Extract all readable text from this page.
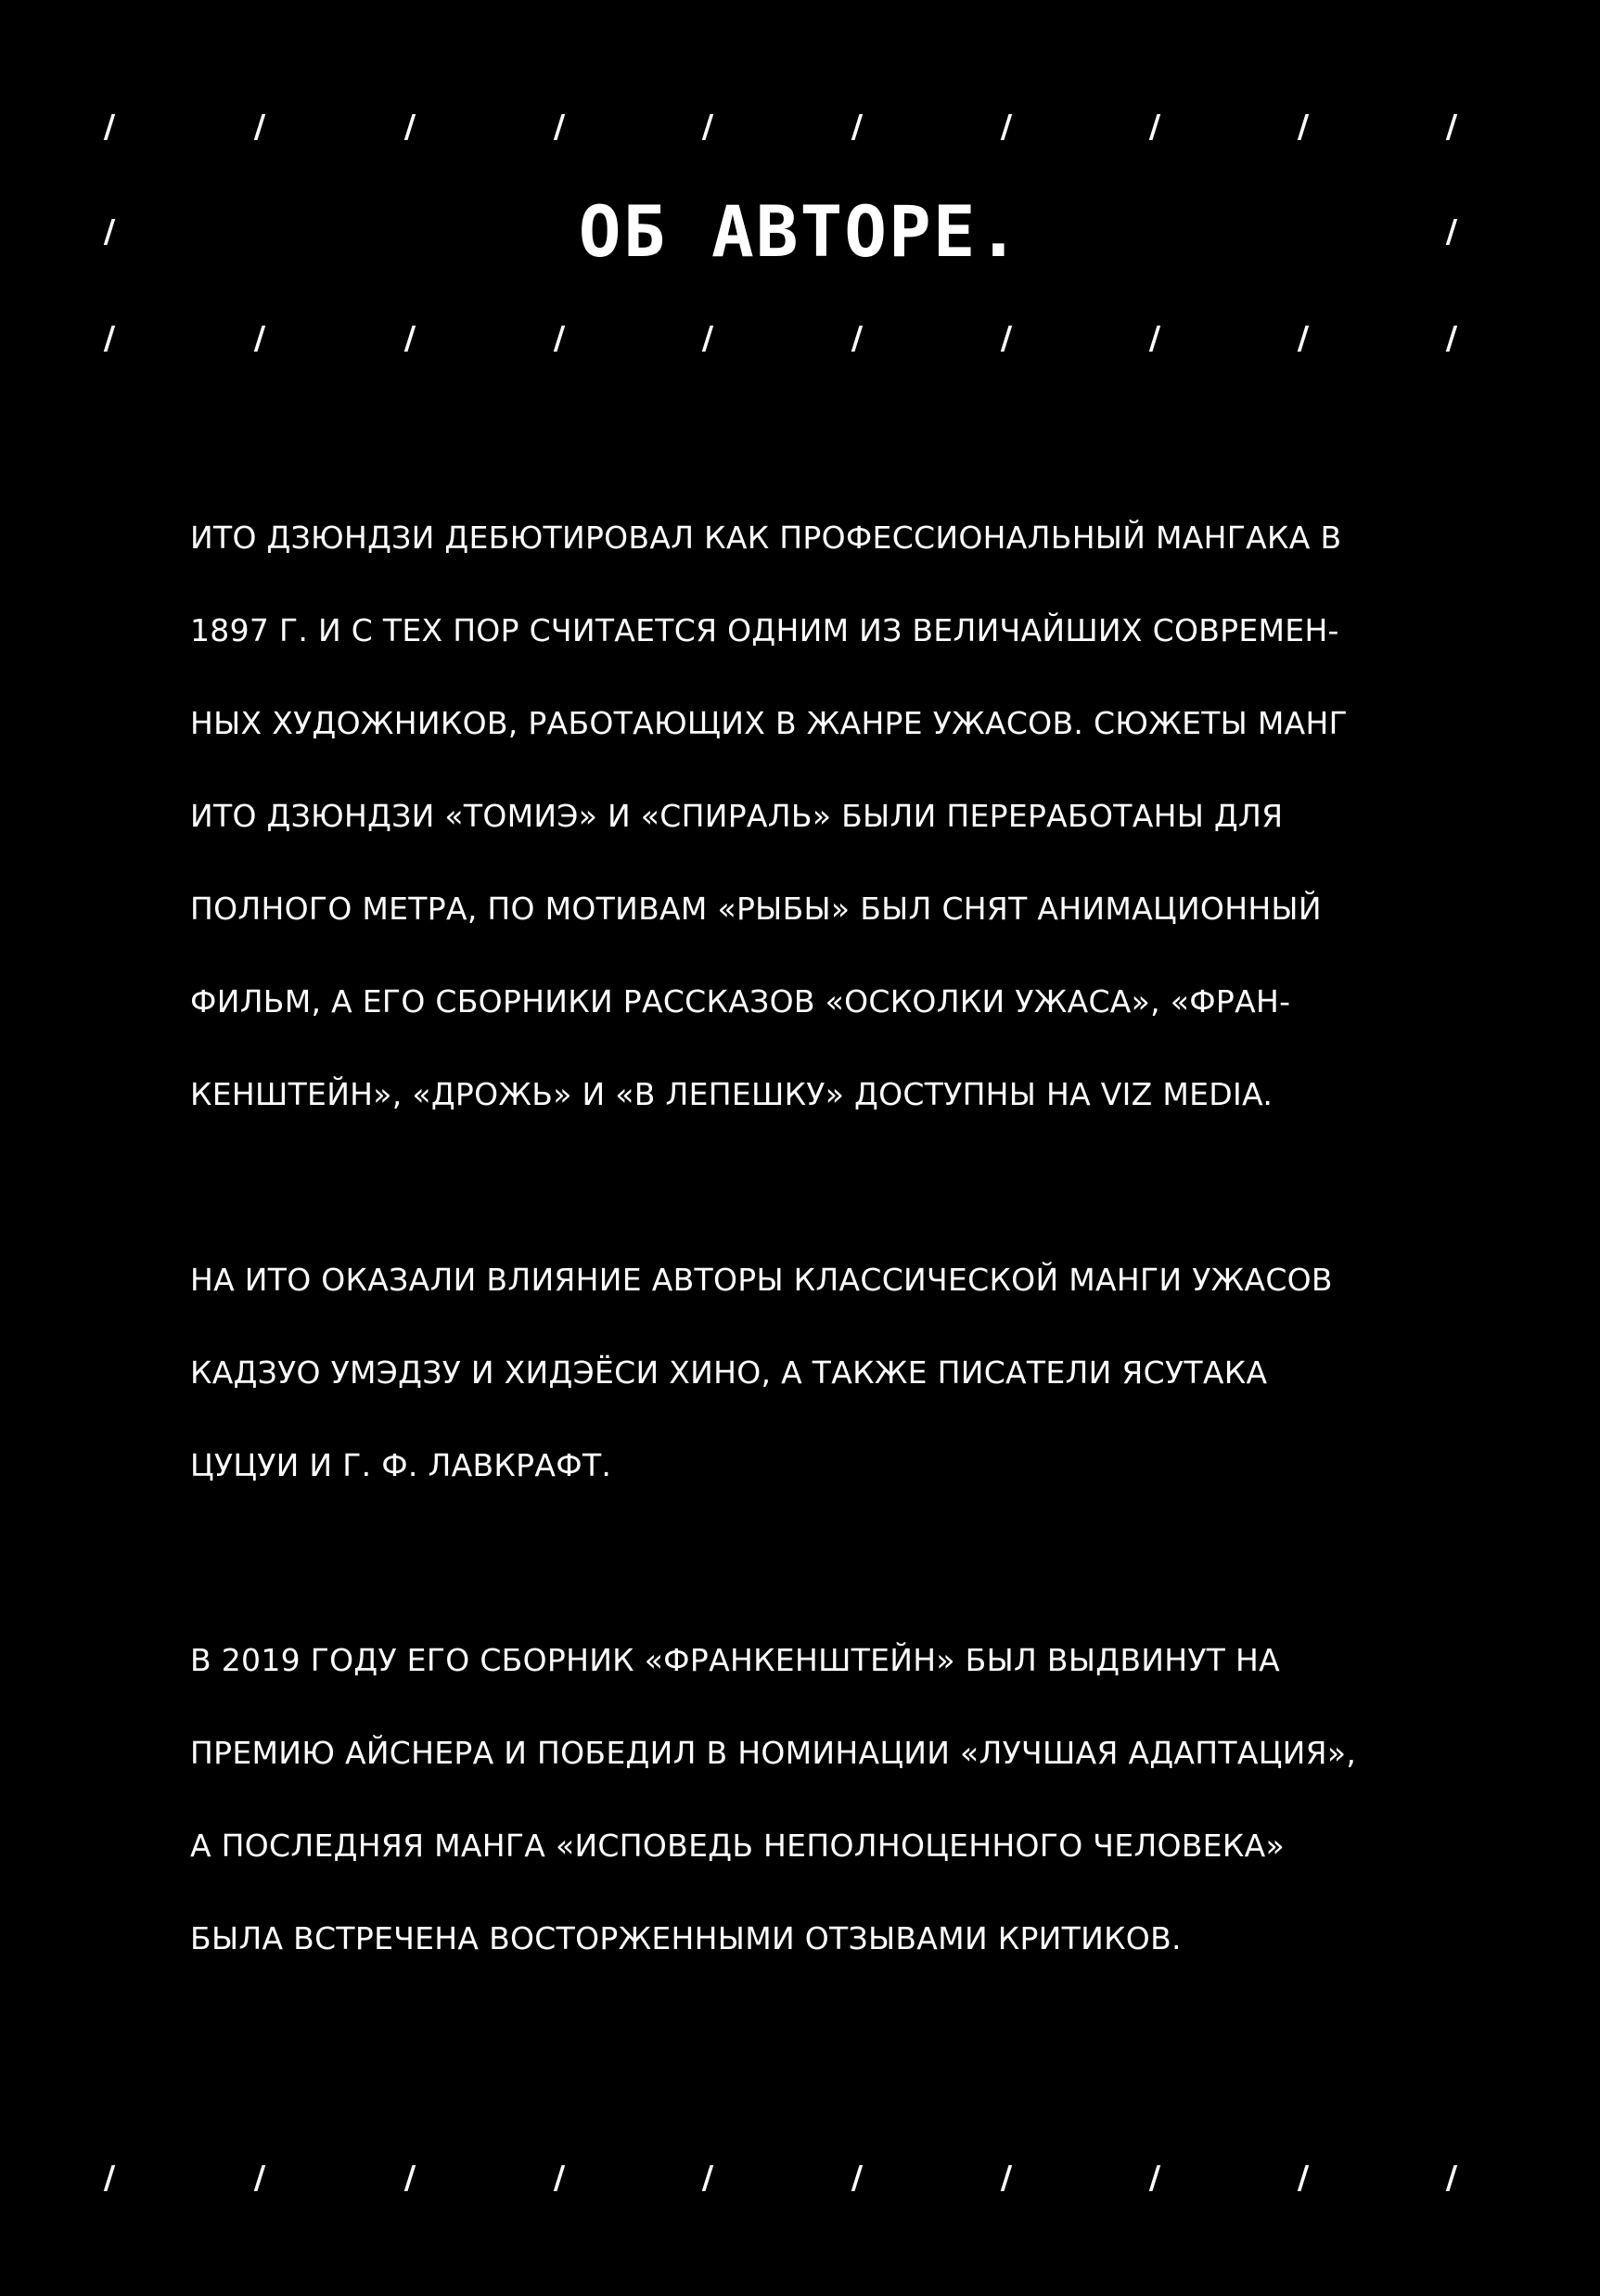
/	/	/	/	/	/	/	/	/	/
/	ОБ АВТОРЕ.	/
/	/	/	/	/	/	/	/	/	/
ИТО ДЗЮНДЗИ ДЕБЮТИРОВАЛ КАК ПРОФЕССИОНАЛЬНЫЙ МАНГАКА В
1897 Г. И С ТЕХ ПОР СЧИТАЕТСЯ ОДНИМ ИЗ ВЕЛИЧАЙШИХ СОВРЕМЕН-
НЫХ ХУДОЖНИКОВ, РАБОТАЮЩИХ В ЖАНРЕ УЖАСОВ. СЮЖЕТЫ МАНГ
ИТО ДЗЮНДЗИ «ТОМИЭ» И «СПИРАЛЬ» БЫЛИ ПЕРЕРАБОТАНЫ ДЛЯ
ПОЛНОГО МЕТРА, ПО МОТИВАМ «РЫБЫ» БЫЛ СНЯТ АНИМАЦИОННЫЙ
ФИЛЬМ, А ЕГО СБОРНИКИ РАССКАЗОВ «ОСКОЛКИ УЖАСА», «ФРАН-
КЕНШТЕЙН», «ДРОЖЬ» И «В ЛЕПЕШКУ» ДОСТУПНЫ НА VIZ MEDIA.
НА ИТО ОКАЗАЛИ ВЛИЯНИЕ АВТОРЫ КЛАССИЧЕСКОЙ МАНГИ УЖАСОВ
КАДЗУО УМЭДЗУ И ХИДЭЁСИ ХИНО, А ТАКЖЕ ПИСАТЕЛИ ЯСУТАКА
ЦУЦУИ И Г. Ф. ЛАВКРАФТ.
В 2019 ГОДУ ЕГО СБОРНИК «ФРАНКЕНШТЕЙН» БЫЛ ВЫДВИНУТ НА
ПРЕМИЮ АЙСНЕРА И ПОБЕДИЛ В НОМИНАЦИИ «ЛУЧШАЯ АДАПТАЦИЯ»,
А ПОСЛЕДНЯЯ МАНГА «ИСПОВЕДЬ НЕПОЛНОЦЕННОГО ЧЕЛОВЕКА»
БЫЛА ВСТРЕЧЕНА ВОСТОРЖЕННЫМИ ОТЗЫВАМИ КРИТИКОВ.
/	/	/	/	/	/	/	/	/	/
